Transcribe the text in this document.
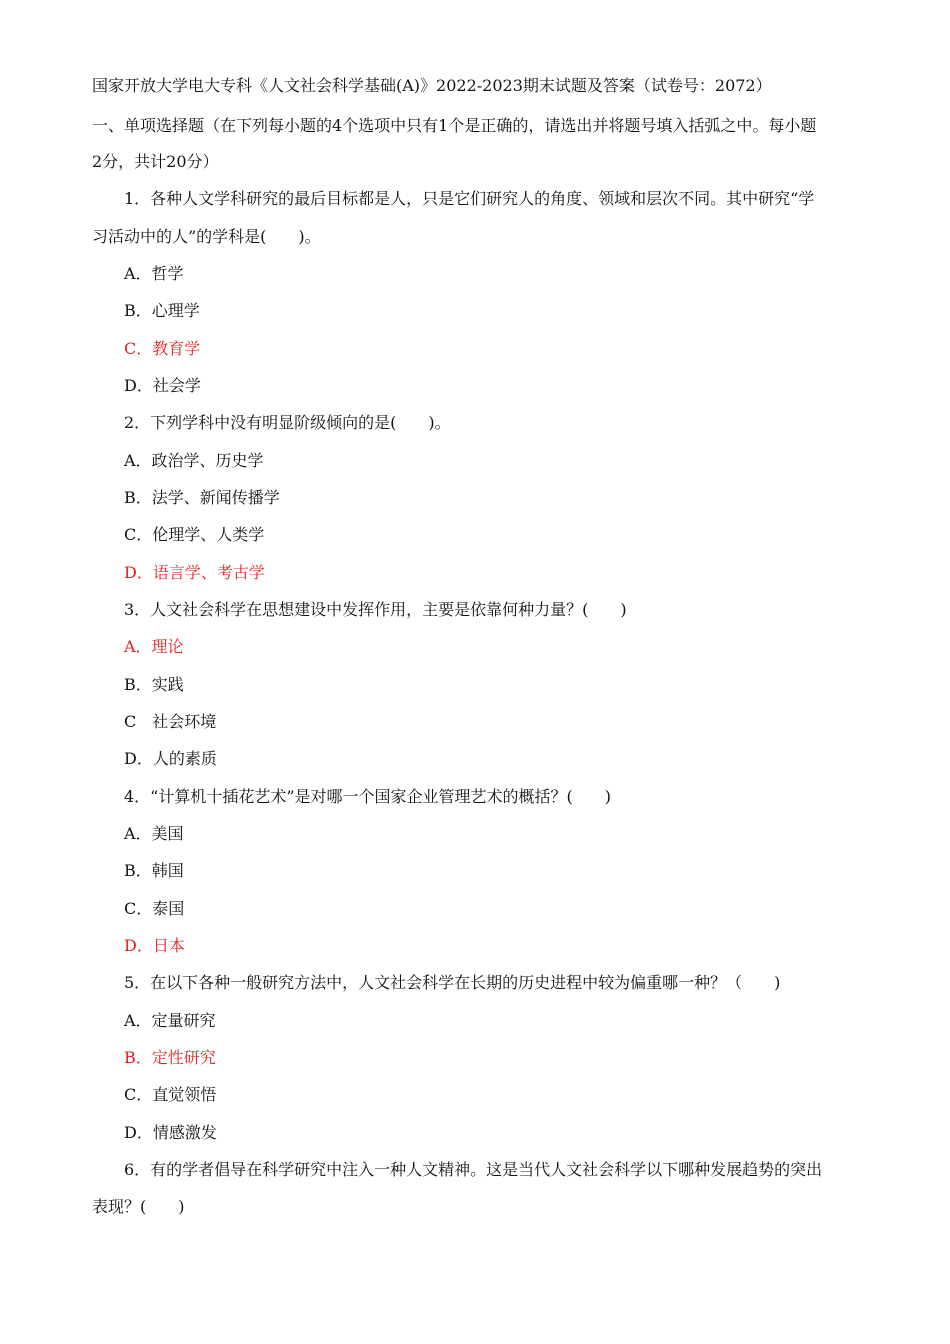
国家开放大学电大专科《人文社会科学基础(A)》2022-2023期末试题及答案（试卷号：2072）
一、单项选择题（在下列每小题的4个选项中只有1个是正确的，请选出并将题号填入括弧之中。每小题
2分，共计20分）
1．各种人文学科研究的最后目标都是人，只是它们研究人的角度、领域和层次不同。其中研究“学
习活动中的人”的学科是(　　)。
A．哲学
B．心理学
C．教育学
D．社会学
2．下列学科中没有明显阶级倾向的是(　　)。
A．政治学、历史学
B．法学、新闻传播学
C．伦理学、人类学
D．语言学、考古学
3．人文社会科学在思想建设中发挥作用，主要是依靠何种力量？(　　)
A．理论
B．实践
C　社会环境
D．人的素质
4．“计算机十插花艺术”是对哪一个国家企业管理艺术的概括？(　　)
A．美国
B．韩国
C．泰国
D．日本
5．在以下各种一般研究方法中，人文社会科学在长期的历史进程中较为偏重哪一种？（　　)
A．定量研究
B．定性研究
C．直觉领悟
D．情感激发
6．有的学者倡导在科学研究中注入一种人文精神。这是当代人文社会科学以下哪种发展趋势的突出
表现？(　　)
